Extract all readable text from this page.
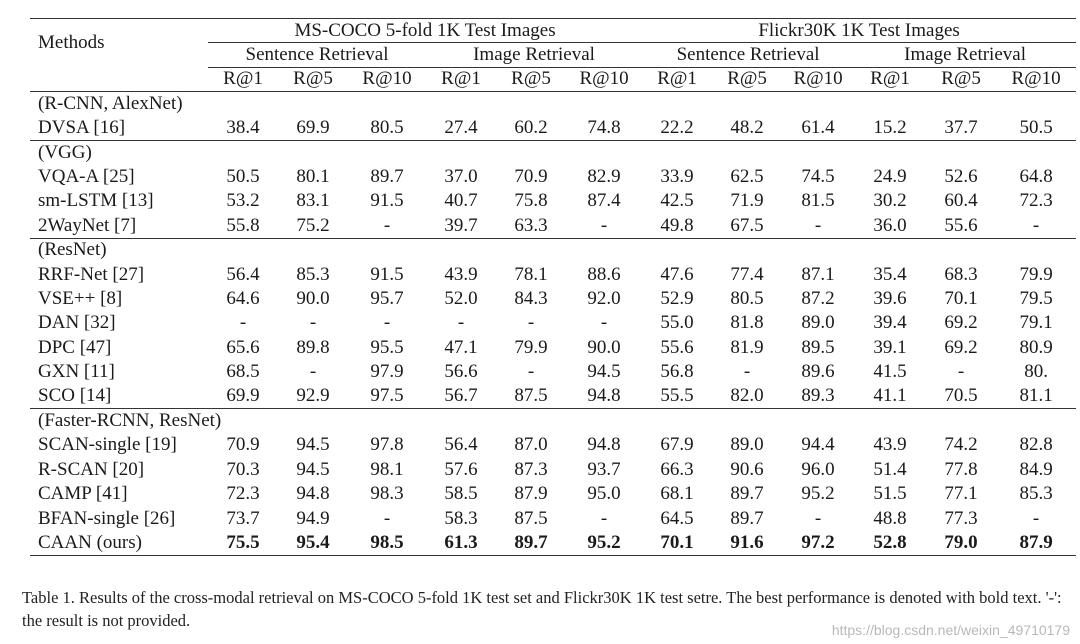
Methods	MS-COCO 5-fold 1K Test Images						Flickr30K 1K Test Images					
	Sentence Retrieval			Image Retrieval			Sentence Retrieval			Image Retrieval		
	R@1	R@5	R@10	R@1	R@5	R@10	R@1	R@5	R@10	R@1	R@5	R@10
(R-CNN, AlexNet)												
DVSA [16]	38.4	69.9	80.5	27.4	60.2	74.8	22.2	48.2	61.4	15.2	37.7	50.5
(VGG)												
VQA-A [25]	50.5	80.1	89.7	37.0	70.9	82.9	33.9	62.5	74.5	24.9	52.6	64.8
sm-LSTM [13]	53.2	83.1	91.5	40.7	75.8	87.4	42.5	71.9	81.5	30.2	60.4	72.3
2WayNet [7]	55.8	75.2	-	39.7	63.3	-	49.8	67.5	-	36.0	55.6	-
(ResNet)												
RRF-Net [27]	56.4	85.3	91.5	43.9	78.1	88.6	47.6	77.4	87.1	35.4	68.3	79.9
VSE++ [8]	64.6	90.0	95.7	52.0	84.3	92.0	52.9	80.5	87.2	39.6	70.1	79.5
DAN [32]	-	-	-	-	-	-	55.0	81.8	89.0	39.4	69.2	79.1
DPC [47]	65.6	89.8	95.5	47.1	79.9	90.0	55.6	81.9	89.5	39.1	69.2	80.9
GXN [11]	68.5	-	97.9	56.6	-	94.5	56.8	-	89.6	41.5	-	80.
SCO [14]	69.9	92.9	97.5	56.7	87.5	94.8	55.5	82.0	89.3	41.1	70.5	81.1
(Faster-RCNN, ResNet)												
SCAN-single [19]	70.9	94.5	97.8	56.4	87.0	94.8	67.9	89.0	94.4	43.9	74.2	82.8
R-SCAN [20]	70.3	94.5	98.1	57.6	87.3	93.7	66.3	90.6	96.0	51.4	77.8	84.9
CAMP [41]	72.3	94.8	98.3	58.5	87.9	95.0	68.1	89.7	95.2	51.5	77.1	85.3
BFAN-single [26]	73.7	94.9	-	58.3	87.5	-	64.5	89.7	-	48.8	77.3	-
CAAN (ours)	75.5	95.4	98.5	61.3	89.7	95.2	70.1	91.6	97.2	52.8	79.0	87.9
Table 1. Results of the cross-modal retrieval on MS-COCO 5-fold 1K test set and Flickr30K 1K test setre. The best performance is denoted with bold text. '-': the result is not provided.	https://blog.csdn.net/weixin_49710179
